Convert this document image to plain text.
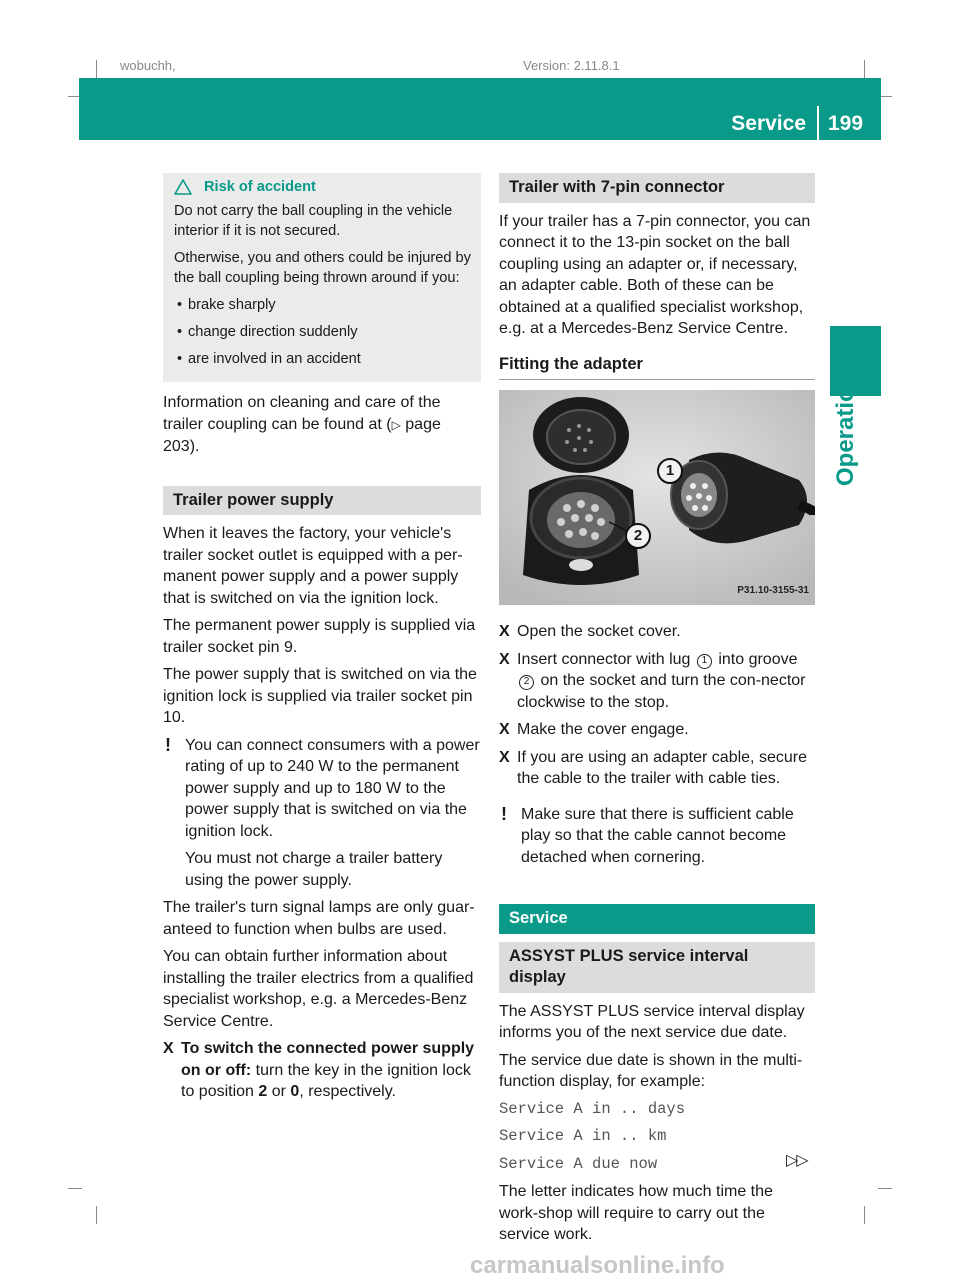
wobuchh,	Version: 2.11.8.1
Service 199
Operation
Risk of accident

Do not carry the ball coupling in the vehicle interior if it is not secured.

Otherwise, you and others could be injured by the ball coupling being thrown around if you:

• brake sharply
• change direction suddenly
• are involved in an accident

Information on cleaning and care of the trailer coupling can be found at (▷ page 203).

Trailer power supply

When it leaves the factory, your vehicle's trailer socket outlet is equipped with a per-manent power supply and a power supply that is switched on via the ignition lock.

The permanent power supply is supplied via trailer socket pin 9.

The power supply that is switched on via the ignition lock is supplied via trailer socket pin 10.

! You can connect consumers with a power rating of up to 240 W to the permanent power supply and up to 180 W to the power supply that is switched on via the ignition lock.

You must not charge a trailer battery using the power supply.

The trailer's turn signal lamps are only guar-anteed to function when bulbs are used.

You can obtain further information about installing the trailer electrics from a qualified specialist workshop, e.g. a Mercedes-Benz Service Centre.

X To switch the connected power supply on or off: turn the key in the ignition lock to position 2 or 0, respectively.
Trailer with 7-pin connector

If your trailer has a 7-pin connector, you can connect it to the 13-pin socket on the ball coupling using an adapter or, if necessary, an adapter cable. Both of these can be obtained at a qualified specialist workshop, e.g. at a Mercedes-Benz Service Centre.

Fitting the adapter
1
2
P31.10-3155-31
X Open the socket cover.
X Insert connector with lug 1 into groove 2 on the socket and turn the con-nector clockwise to the stop.
X Make the cover engage.
X If you are using an adapter cable, secure the cable to the trailer with cable ties.
! Make sure that there is sufficient cable play so that the cable cannot become detached when cornering.

Service
ASSYST PLUS service interval display

The ASSYST PLUS service interval display informs you of the next service due date.

The service due date is shown in the multi-function display, for example:

Service A in .. days
Service A in .. km
Service A due now

The letter indicates how much time the work-shop will require to carry out the service work.

▷▷
carmanualsonline.info
